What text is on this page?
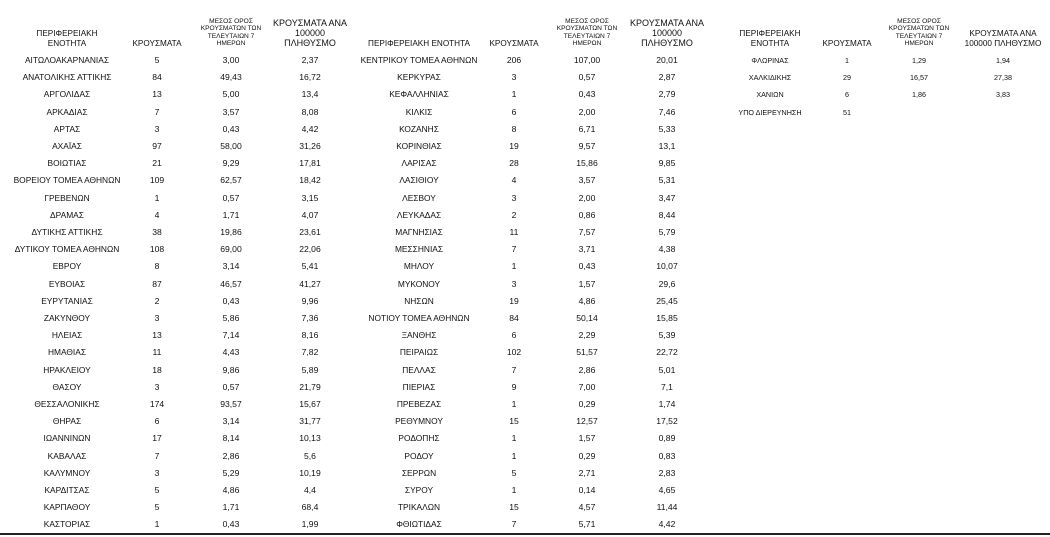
ΠΕΡΙΦΕΡΕΙΑΚΗ
ΕΝΟΤΗΤΑ	ΚΡΟΥΣΜΑΤΑ
ΜΕΣΟΣ ΟΡΟΣ
ΚΡΟΥΣΜΑΤΩΝ ΤΩΝ
ΤΕΛΕΥΤΑΙΩΝ 7
ΗΜΕΡΩΝ
ΚΡΟΥΣΜΑΤΑ ΑΝΑ
100000
ΠΛΗΘΥΣΜΟ
ΑΙΤΩΛΟΑΚΑΡΝΑΝΙΑΣ	5	3,00	2,37
ΑΝΑΤΟΛΙΚΗΣ ΑΤΤΙΚΗΣ	84	49,43	16,72
ΑΡΓΟΛΙΔΑΣ	13	5,00	13,4
ΑΡΚΑΔΙΑΣ	7	3,57	8,08
ΑΡΤΑΣ	3	0,43	4,42
ΑΧΑΪΑΣ	97	58,00	31,26
ΒΟΙΩΤΙΑΣ	21	9,29	17,81
ΒΟΡΕΙΟΥ ΤΟΜΕΑ ΑΘΗΝΩΝ	109	62,57	18,42
ΓΡΕΒΕΝΩΝ	1	0,57	3,15
ΔΡΑΜΑΣ	4	1,71	4,07
ΔΥΤΙΚΗΣ ΑΤΤΙΚΗΣ	38	19,86	23,61
ΔΥΤΙΚΟΥ ΤΟΜΕΑ ΑΘΗΝΩΝ	108	69,00	22,06
ΕΒΡΟΥ	8	3,14	5,41
ΕΥΒΟΙΑΣ	87	46,57	41,27
ΕΥΡΥΤΑΝΙΑΣ	2	0,43	9,96
ΖΑΚΥΝΘΟΥ	3	5,86	7,36
ΗΛΕΙΑΣ	13	7,14	8,16
ΗΜΑΘΙΑΣ	11	4,43	7,82
ΗΡΑΚΛΕΙΟΥ	18	9,86	5,89
ΘΑΣΟΥ	3	0,57	21,79
ΘΕΣΣΑΛΟΝΙΚΗΣ	174	93,57	15,67
ΘΗΡΑΣ	6	3,14	31,77
ΙΩΑΝΝΙΝΩΝ	17	8,14	10,13
ΚΑΒΑΛΑΣ	7	2,86	5,6
ΚΑΛΥΜΝΟΥ	3	5,29	10,19
ΚΑΡΔΙΤΣΑΣ	5	4,86	4,4
ΚΑΡΠΑΘΟΥ	5	1,71	68,4
ΚΑΣΤΟΡΙΑΣ	1	0,43	1,99
ΠΕΡΙΦΕΡΕΙΑΚΗ ΕΝΟΤΗΤΑ	ΚΡΟΥΣΜΑΤΑ
ΜΕΣΟΣ ΟΡΟΣ
ΚΡΟΥΣΜΑΤΩΝ ΤΩΝ
ΤΕΛΕΥΤΑΙΩΝ 7
ΗΜΕΡΩΝ
ΚΡΟΥΣΜΑΤΑ ΑΝΑ
100000
ΠΛΗΘΥΣΜΟ
ΚΕΝΤΡΙΚΟΥ ΤΟΜΕΑ ΑΘΗΝΩΝ	206	107,00	20,01
ΚΕΡΚΥΡΑΣ	3	0,57	2,87
ΚΕΦΑΛΛΗΝΙΑΣ	1	0,43	2,79
ΚΙΛΚΙΣ	6	2,00	7,46
ΚΟΖΑΝΗΣ	8	6,71	5,33
ΚΟΡΙΝΘΙΑΣ	19	9,57	13,1
ΛΑΡΙΣΑΣ	28	15,86	9,85
ΛΑΣΙΘΙΟΥ	4	3,57	5,31
ΛΕΣΒΟΥ	3	2,00	3,47
ΛΕΥΚΑΔΑΣ	2	0,86	8,44
ΜΑΓΝΗΣΙΑΣ	11	7,57	5,79
ΜΕΣΣΗΝΙΑΣ	7	3,71	4,38
ΜΗΛΟΥ	1	0,43	10,07
ΜΥΚΟΝΟΥ	3	1,57	29,6
ΝΗΣΩΝ	19	4,86	25,45
ΝΟΤΙΟΥ ΤΟΜΕΑ ΑΘΗΝΩΝ	84	50,14	15,85
ΞΑΝΘΗΣ	6	2,29	5,39
ΠΕΙΡΑΙΩΣ	102	51,57	22,72
ΠΕΛΛΑΣ	7	2,86	5,01
ΠΙΕΡΙΑΣ	9	7,00	7,1
ΠΡΕΒΕΖΑΣ	1	0,29	1,74
ΡΕΘΥΜΝΟΥ	15	12,57	17,52
ΡΟΔΟΠΗΣ	1	1,57	0,89
ΡΟΔΟΥ	1	0,29	0,83
ΣΕΡΡΩΝ	5	2,71	2,83
ΣΥΡΟΥ	1	0,14	4,65
ΤΡΙΚΑΛΩΝ	15	4,57	11,44
ΦΘΙΩΤΙΔΑΣ	7	5,71	4,42
ΠΕΡΙΦΕΡΕΙΑΚΗ
ΕΝΟΤΗΤΑ	ΚΡΟΥΣΜΑΤΑ
ΜΕΣΟΣ ΟΡΟΣ
ΚΡΟΥΣΜΑΤΩΝ ΤΩΝ
ΤΕΛΕΥΤΑΙΩΝ 7
ΗΜΕΡΩΝ
ΚΡΟΥΣΜΑΤΑ ΑΝΑ
100000 ΠΛΗΘΥΣΜΟ
ΦΛΩΡΙΝΑΣ	1	1,29	1,94
ΧΑΛΚΙΔΙΚΗΣ	29	16,57	27,38
ΧΑΝΙΩΝ	6	1,86	3,83
ΥΠΟ ΔΙΕΡΕΥΝΗΣΗ	51
